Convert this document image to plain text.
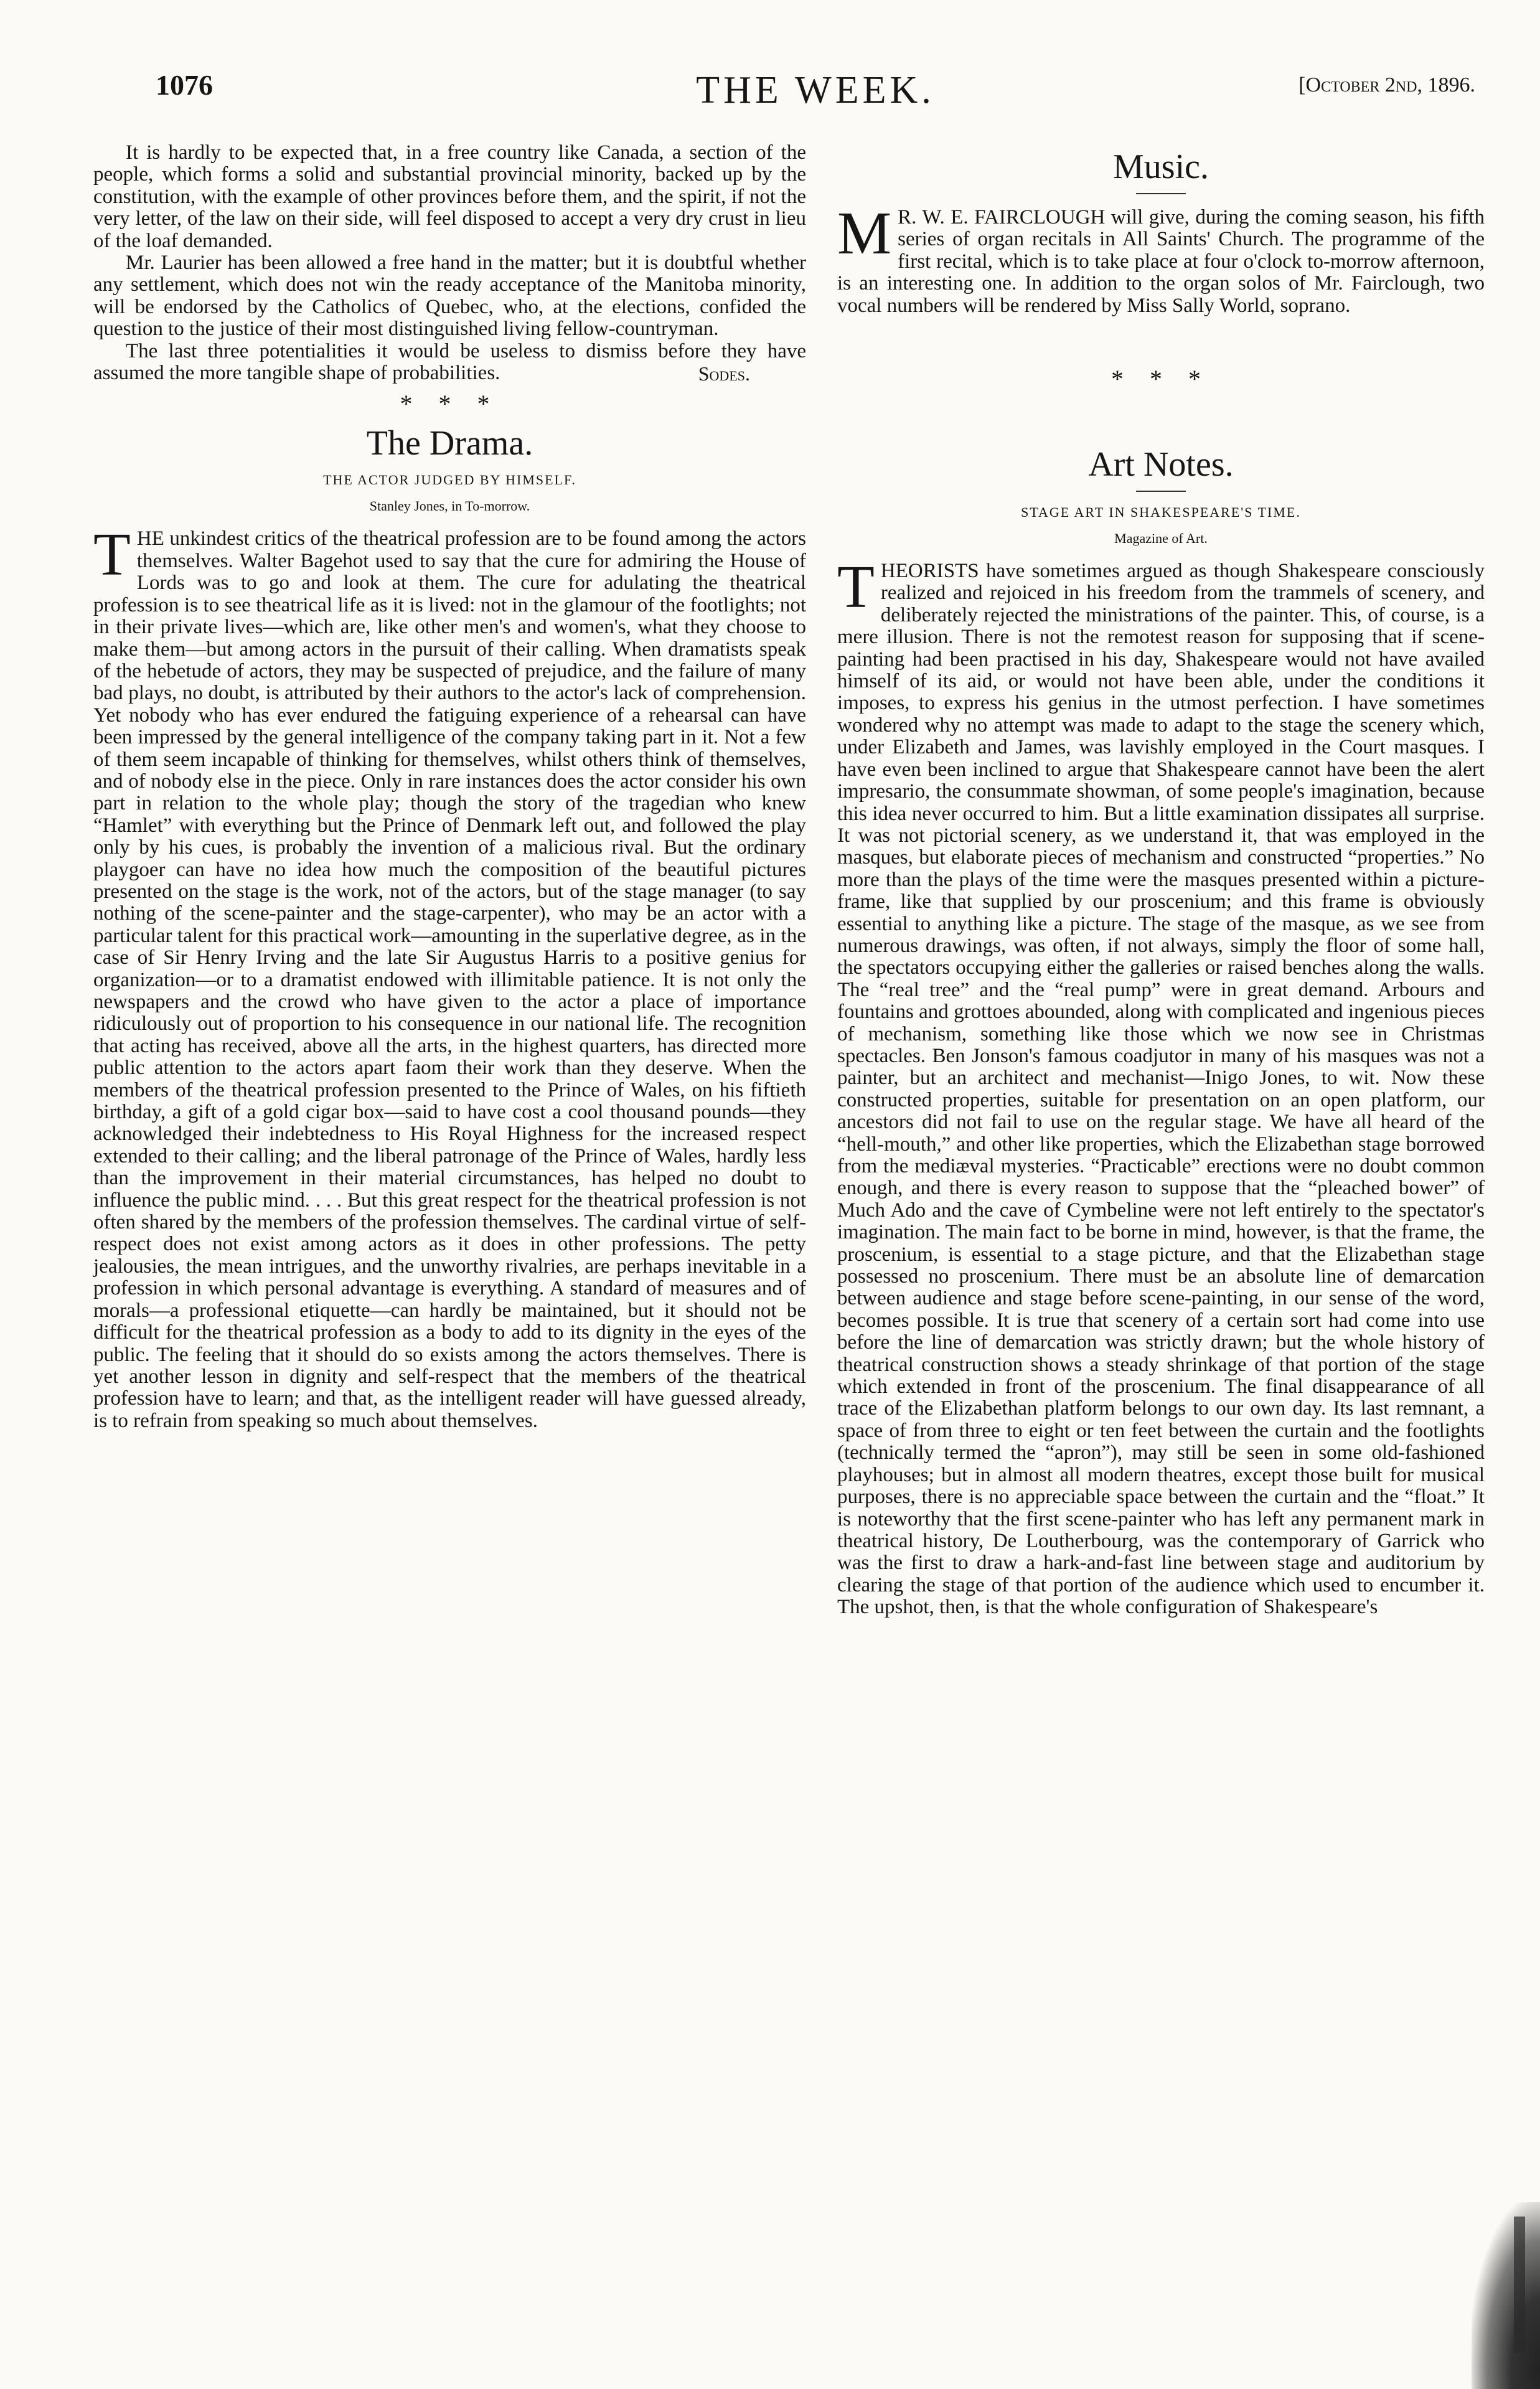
1076	THE WEEK.	[October 2nd, 1896.

It is hardly to be expected that, in a free country like Canada, a section of the people, which forms a solid and substantial provincial minority, backed up by the constitution, with the example of other provinces before them, and the spirit, if not the very letter, of the law on their side, will feel disposed to accept a very dry crust in lieu of the loaf demanded.

Mr. Laurier has been allowed a free hand in the matter; but it is doubtful whether any settlement, which does not win the ready acceptance of the Manitoba minority, will be endorsed by the Catholics of Quebec, who, at the elections, confided the question to the justice of their most distinguished living fellow-countryman.

The last three potentialities it would be useless to dismiss before they have assumed the more tangible shape of probabilities.	Sodes.
* * *
The Drama.
THE ACTOR JUDGED BY HIMSELF.
Stanley Jones, in To-morrow.

THE unkindest critics of the theatrical profession are to be found among the actors themselves. Walter Bagehot used to say that the cure for admiring the House of Lords was to go and look at them. The cure for adulating the theatrical profession is to see theatrical life as it is lived: not in the glamour of the footlights; not in their private lives—which are, like other men's and women's, what they choose to make them—but among actors in the pursuit of their calling. When dramatists speak of the hebetude of actors, they may be suspected of prejudice, and the failure of many bad plays, no doubt, is attributed by their authors to the actor's lack of comprehension. Yet nobody who has ever endured the fatiguing experience of a rehearsal can have been impressed by the general intelligence of the company taking part in it. Not a few of them seem incapable of thinking for themselves, whilst others think of themselves, and of nobody else in the piece. Only in rare instances does the actor consider his own part in relation to the whole play; though the story of the tragedian who knew “Hamlet” with everything but the Prince of Denmark left out, and followed the play only by his cues, is probably the invention of a malicious rival. But the ordinary playgoer can have no idea how much the composition of the beautiful pictures presented on the stage is the work, not of the actors, but of the stage manager (to say nothing of the scene-painter and the stage-carpenter), who may be an actor with a particular talent for this practical work—amounting in the superlative degree, as in the case of Sir Henry Irving and the late Sir Augustus Harris to a positive genius for organization—or to a dramatist endowed with illimitable patience. It is not only the newspapers and the crowd who have given to the actor a place of importance ridiculously out of proportion to his consequence in our national life. The recognition that acting has received, above all the arts, in the highest quarters, has directed more public attention to the actors apart faom their work than they deserve. When the members of the theatrical profession presented to the Prince of Wales, on his fiftieth birthday, a gift of a gold cigar box—said to have cost a cool thousand pounds—they acknowledged their indebtedness to His Royal Highness for the increased respect extended to their calling; and the liberal patronage of the Prince of Wales, hardly less than the improvement in their material circumstances, has helped no doubt to influence the public mind. . . . But this great respect for the theatrical profession is not often shared by the members of the profession themselves. The cardinal virtue of self-respect does not exist among actors as it does in other professions. The petty jealousies, the mean intrigues, and the unworthy rivalries, are perhaps inevitable in a profession in which personal advantage is everything. A standard of measures and of morals—a professional etiquette—can hardly be maintained, but it should not be difficult for the theatrical profession as a body to add to its dignity in the eyes of the public. The feeling that it should do so exists among the actors themselves. There is yet another lesson in dignity and self-respect that the members of the theatrical profession have to learn; and that, as the intelligent reader will have guessed already, is to refrain from speaking so much about themselves.

Music.

M R. W. E. FAIRCLOUGH will give, during the coming season, his fifth series of organ recitals in All Saints' Church. The programme of the first recital, which is to take place at four o'clock to-morrow afternoon, is an interesting one. In addition to the organ solos of Mr. Fairclough, two vocal numbers will be rendered by Miss Sally World, soprano.

* * *
Art Notes.
STAGE ART IN SHAKESPEARE'S TIME.
Magazine of Art.

THEORISTS have sometimes argued as though Shakespeare consciously realized and rejoiced in his freedom from the trammels of scenery, and deliberately rejected the ministrations of the painter. This, of course, is a mere illusion. There is not the remotest reason for supposing that if scene-painting had been practised in his day, Shakespeare would not have availed himself of its aid, or would not have been able, under the conditions it imposes, to express his genius in the utmost perfection. I have sometimes wondered why no attempt was made to adapt to the stage the scenery which, under Elizabeth and James, was lavishly employed in the Court masques. I have even been inclined to argue that Shakespeare cannot have been the alert impresario, the consummate showman, of some people's imagination, because this idea never occurred to him. But a little examination dissipates all surprise. It was not pictorial scenery, as we understand it, that was employed in the masques, but elaborate pieces of mechanism and constructed “properties.” No more than the plays of the time were the masques presented within a picture-frame, like that supplied by our proscenium; and this frame is obviously essential to anything like a picture. The stage of the masque, as we see from numerous drawings, was often, if not always, simply the floor of some hall, the spectators occupying either the galleries or raised benches along the walls. The “real tree” and the “real pump” were in great demand. Arbours and fountains and grottoes abounded, along with complicated and ingenious pieces of mechanism, something like those which we now see in Christmas spectacles. Ben Jonson's famous coadjutor in many of his masques was not a painter, but an architect and mechanist—Inigo Jones, to wit. Now these constructed properties, suitable for presentation on an open platform, our ancestors did not fail to use on the regular stage. We have all heard of the “hell-mouth,” and other like properties, which the Elizabethan stage borrowed from the mediæval mysteries. “Practicable” erections were no doubt common enough, and there is every reason to suppose that the “pleached bower” of Much Ado and the cave of Cymbeline were not left entirely to the spectator's imagination. The main fact to be borne in mind, however, is that the frame, the proscenium, is essential to a stage picture, and that the Elizabethan stage possessed no proscenium. There must be an absolute line of demarcation between audience and stage before scene-painting, in our sense of the word, becomes possible. It is true that scenery of a certain sort had come into use before the line of demarcation was strictly drawn; but the whole history of theatrical construction shows a steady shrinkage of that portion of the stage which extended in front of the proscenium. The final disappearance of all trace of the Elizabethan platform belongs to our own day. Its last remnant, a space of from three to eight or ten feet between the curtain and the footlights (technically termed the “apron”), may still be seen in some old-fashioned playhouses; but in almost all modern theatres, except those built for musical purposes, there is no appreciable space between the curtain and the “float.” It is noteworthy that the first scene-painter who has left any permanent mark in theatrical history, De Loutherbourg, was the contemporary of Garrick who was the first to draw a hark-and-fast line between stage and auditorium by clearing the stage of that portion of the audience which used to encumber it. The upshot, then, is that the whole configuration of Shakespeare's
